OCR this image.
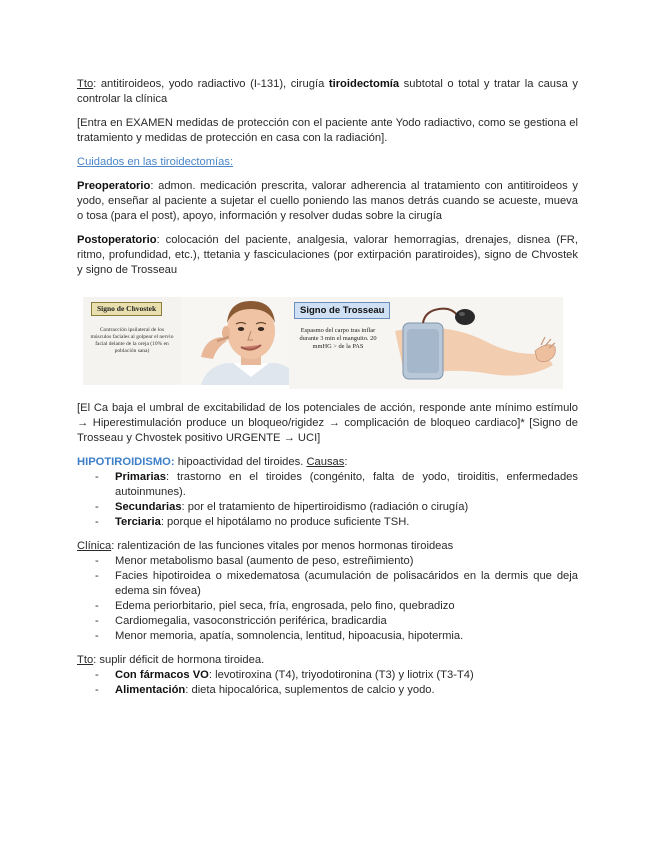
Tto: antitiroideos, yodo radiactivo (I-131), cirugía tiroidectomía subtotal o total y tratar la causa y controlar la clínica

[Entra en EXAMEN medidas de protección con el paciente ante Yodo radiactivo, como se gestiona el tratamiento y medidas de protección en casa con la radiación].

Cuidados en las tiroidectomías:

Preoperatorio: admon. medicación prescrita, valorar adherencia al tratamiento con antitiroideos y yodo, enseñar al paciente a sujetar el cuello poniendo las manos detrás cuando se acueste, mueva o tosa (para el post), apoyo, información y resolver dudas sobre la cirugía

Postoperatorio: colocación del paciente, analgesia, valorar hemorragias, drenajes, disnea (FR, ritmo, profundidad, etc.), ttetania y fasciculaciones (por extirpación paratiroides), signo de Chvostek y signo de Trosseau

Signo de Chvostek
Contracción ipsilateral de los músculos faciales al golpear el nervio facial delante de la oreja (10% en población sana)
Signo de Trosseau
Espasmo del carpo tras inflar durante 3 min el manguito. 20 mmHG > de la PAS

[El Ca baja el umbral de excitabilidad de los potenciales de acción, responde ante mínimo estímulo → Hiperestimulación produce un bloqueo/rigidez → complicación de bloqueo cardiaco]* [Signo de Trosseau y Chvostek positivo URGENTE → UCI]

HIPOTIROIDISMO: hipoactividad del tiroides. Causas:

- Primarias: trastorno en el tiroides (congénito, falta de yodo, tiroiditis, enfermedades autoinmunes).
- Secundarias: por el tratamiento de hipertiroidismo (radiación o cirugía)
- Terciaria: porque el hipotálamo no produce suficiente TSH.

Clínica: ralentización de las funciones vitales por menos hormonas tiroideas

- Menor metabolismo basal (aumento de peso, estreñimiento)
- Facies hipotiroidea o mixedematosa (acumulación de polisacáridos en la dermis que deja edema sin fóvea)
- Edema periorbitario, piel seca, fría, engrosada, pelo fino, quebradizo
- Cardiomegalia, vasoconstricción periférica, bradicardia
- Menor memoria, apatía, somnolencia, lentitud, hipoacusia, hipotermia.

Tto: suplir déficit de hormona tiroidea.

- Con fármacos VO: levotiroxina (T4), triyodotironina (T3) y liotrix (T3-T4)
- Alimentación: dieta hipocalórica, suplementos de calcio y yodo.
